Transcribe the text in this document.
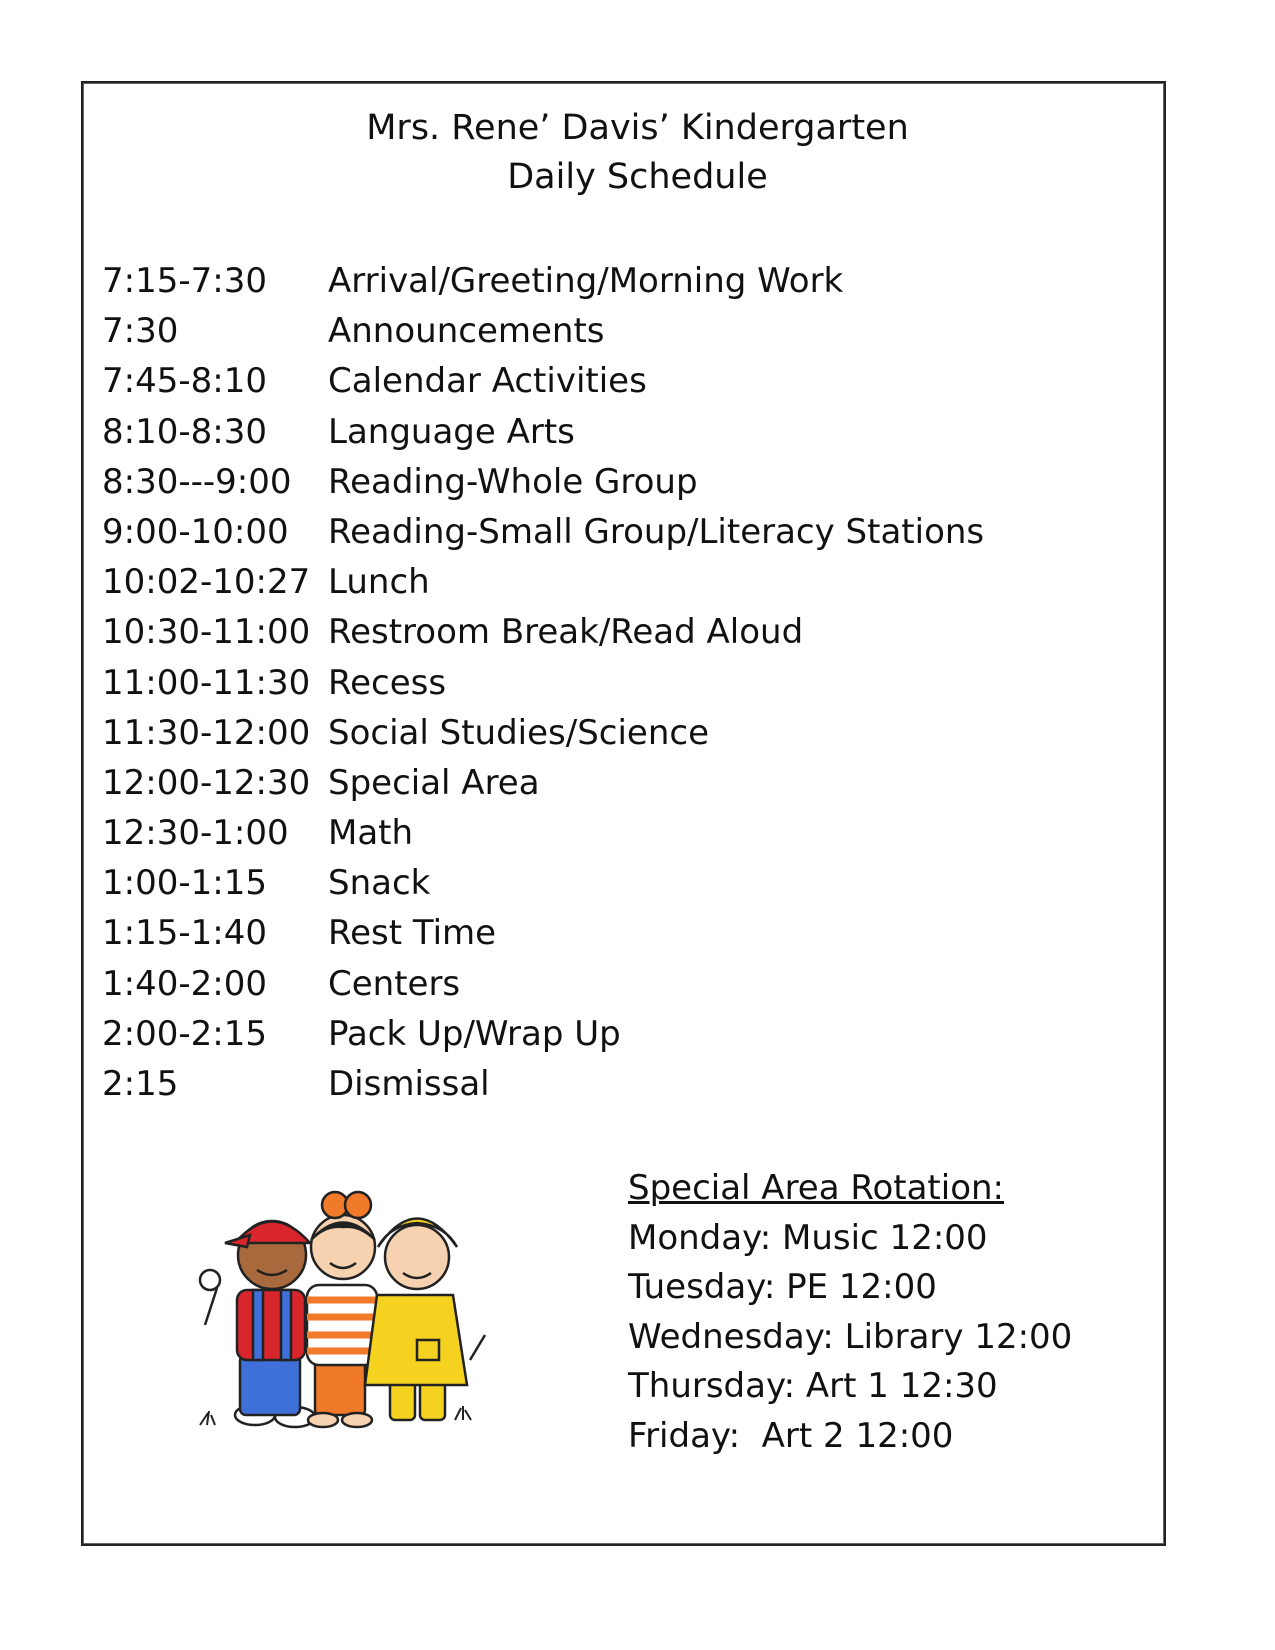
Mrs. Rene’ Davis’ Kindergarten
Daily Schedule
7:15-7:30 Arrival/Greeting/Morning Work
7:30	Announcements
7:45-8:10 Calendar Activities
8:10-8:30 Language Arts
8:30---9:00 Reading-Whole Group
9:00-10:00 Reading-Small Group/Literacy Stations
10:02-10:27 Lunch
10:30-11:00 Restroom Break/Read Aloud
11:00-11:30 Recess
11:30-12:00 Social Studies/Science
12:00-12:30 Special Area
12:30-1:00 Math
1:00-1:15 Snack
1:15-1:40 Rest Time
1:40-2:00 Centers
2:00-2:15 Pack Up/Wrap Up
2:15	Dismissal
Special Area Rotation:
Monday: Music 12:00
Tuesday: PE 12:00
Wednesday: Library 12:00
Thursday: Art 1 12:30
Friday:  Art 2 12:00
